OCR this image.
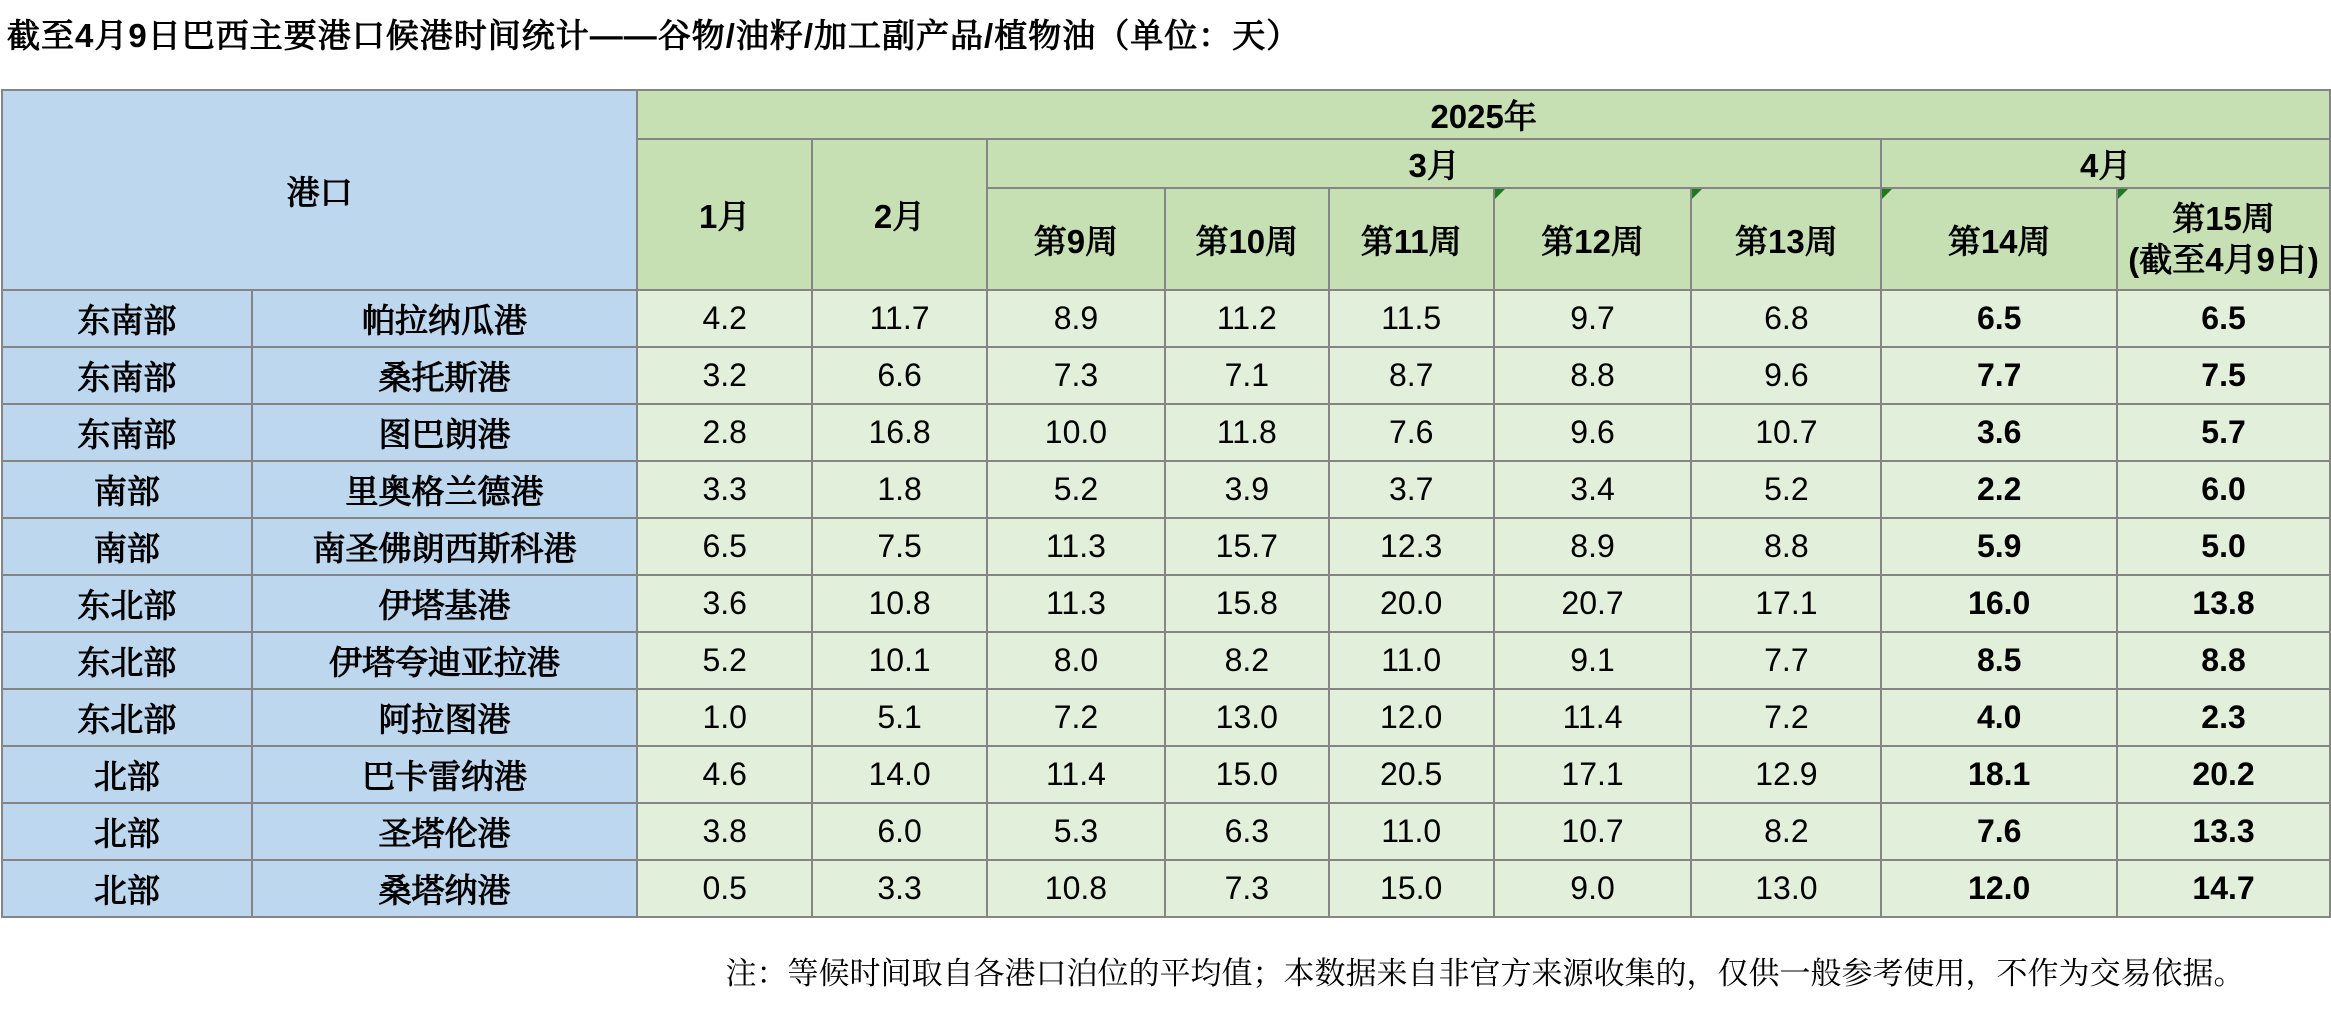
截至4月9日巴西主要港口候港时间统计——谷物/油籽/加工副产品/植物油（单位：天）
港口		2025年								
		1月	2月	3月					4月	
				第9周	第10周	第11周	第12周	第13周	第14周	第15周
(截至4月9日)

东南部	帕拉纳瓜港	4.2	11.7	8.9	11.2	11.5	9.7	6.8	6.5	6.5
东南部	桑托斯港	3.2	6.6	7.3	7.1	8.7	8.8	9.6	7.7	7.5
东南部	图巴朗港	2.8	16.8	10.0	11.8	7.6	9.6	10.7	3.6	5.7
南部	里奥格兰德港	3.3	1.8	5.2	3.9	3.7	3.4	5.2	2.2	6.0
南部	南圣佛朗西斯科港	6.5	7.5	11.3	15.7	12.3	8.9	8.8	5.9	5.0
东北部	伊塔基港	3.6	10.8	11.3	15.8	20.0	20.7	17.1	16.0	13.8
东北部	伊塔夸迪亚拉港	5.2	10.1	8.0	8.2	11.0	9.1	7.7	8.5	8.8
东北部	阿拉图港	1.0	5.1	7.2	13.0	12.0	11.4	7.2	4.0	2.3
北部	巴卡雷纳港	4.6	14.0	11.4	15.0	20.5	17.1	12.9	18.1	20.2
北部	圣塔伦港	3.8	6.0	5.3	6.3	11.0	10.7	8.2	7.6	13.3
北部	桑塔纳港	0.5	3.3	10.8	7.3	15.0	9.0	13.0	12.0	14.7
注：等候时间取自各港口泊位的平均值；本数据来自非官方来源收集的，仅供一般参考使用，不作为交易依据。
